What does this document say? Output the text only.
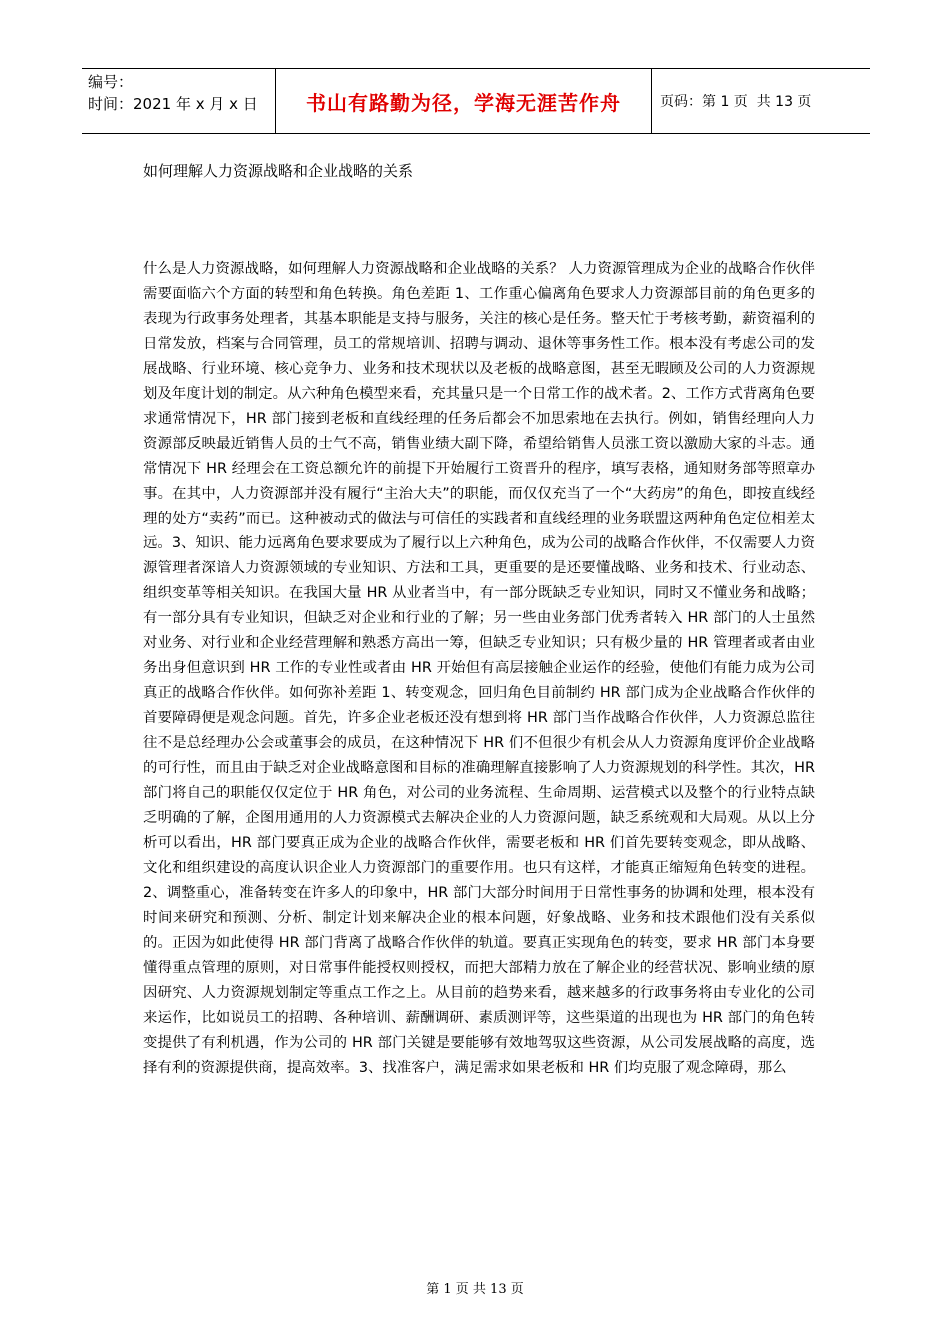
编号：
时间：2021 年 x 月 x 日	书山有路勤为径，学海无涯苦作舟	页码：第 1 页  共 13 页
如何理解人力资源战略和企业战略的关系

什么是人力资源战略，如何理解人力资源战略和企业战略的关系？ 人力资源管理成为企业的战略合作伙伴需要面临六个方面的转型和角色转换。角色差距 1、工作重心偏离角色要求人力资源部目前的角色更多的表现为行政事务处理者，其基本职能是支持与服务，关注的核心是任务。整天忙于考核考勤，薪资福利的日常发放，档案与合同管理，员工的常规培训、招聘与调动、退休等事务性工作。根本没有考虑公司的发展战略、行业环境、核心竞争力、业务和技术现状以及老板的战略意图，甚至无暇顾及公司的人力资源规划及年度计划的制定。从六种角色模型来看，充其量只是一个日常工作的战术者。2、工作方式背离角色要求通常情况下，HR 部门接到老板和直线经理的任务后都会不加思索地在去执行。例如，销售经理向人力资源部反映最近销售人员的士气不高，销售业绩大副下降，希望给销售人员涨工资以激励大家的斗志。通常情况下 HR 经理会在工资总额允许的前提下开始履行工资晋升的程序，填写表格，通知财务部等照章办事。在其中，人力资源部并没有履行“主治大夫”的职能，而仅仅充当了一个“大药房”的角色，即按直线经理的处方“卖药”而已。这种被动式的做法与可信任的实践者和直线经理的业务联盟这两种角色定位相差太远。3、知识、能力远离角色要求要成为了履行以上六种角色，成为公司的战略合作伙伴，不仅需要人力资源管理者深谙人力资源领域的专业知识、方法和工具，更重要的是还要懂战略、业务和技术、行业动态、组织变革等相关知识。在我国大量 HR 从业者当中，有一部分既缺乏专业知识，同时又不懂业务和战略；有一部分具有专业知识，但缺乏对企业和行业的了解；另一些由业务部门优秀者转入 HR 部门的人士虽然对业务、对行业和企业经营理解和熟悉方高出一筹，但缺乏专业知识；只有极少量的 HR 管理者或者由业务出身但意识到 HR 工作的专业性或者由 HR 开始但有高层接触企业运作的经验，使他们有能力成为公司真正的战略合作伙伴。如何弥补差距 1、转变观念，回归角色目前制约 HR 部门成为企业战略合作伙伴的首要障碍便是观念问题。首先，许多企业老板还没有想到将 HR 部门当作战略合作伙伴，人力资源总监往往不是总经理办公会或董事会的成员，在这种情况下 HR 们不但很少有机会从人力资源角度评价企业战略的可行性，而且由于缺乏对企业战略意图和目标的准确理解直接影响了人力资源规划的科学性。其次，HR 部门将自己的职能仅仅定位于 HR 角色，对公司的业务流程、生命周期、运营模式以及整个的行业特点缺乏明确的了解，企图用通用的人力资源模式去解决企业的人力资源问题，缺乏系统观和大局观。从以上分析可以看出，HR 部门要真正成为企业的战略合作伙伴，需要老板和 HR 们首先要转变观念，即从战略、文化和组织建设的高度认识企业人力资源部门的重要作用。也只有这样，才能真正缩短角色转变的进程。2、调整重心，准备转变在许多人的印象中，HR 部门大部分时间用于日常性事务的协调和处理，根本没有时间来研究和预测、分析、制定计划来解决企业的根本问题，好象战略、业务和技术跟他们没有关系似的。正因为如此使得 HR 部门背离了战略合作伙伴的轨道。要真正实现角色的转变，要求 HR 部门本身要懂得重点管理的原则，对日常事件能授权则授权，而把大部精力放在了解企业的经营状况、影响业绩的原因研究、人力资源规划制定等重点工作之上。从目前的趋势来看，越来越多的行政事务将由专业化的公司来运作，比如说员工的招聘、各种培训、薪酬调研、素质测评等，这些渠道的出现也为 HR 部门的角色转变提供了有利机遇，作为公司的 HR 部门关键是要能够有效地驾驭这些资源，从公司发展战略的高度，选择有利的资源提供商，提高效率。3、找准客户，满足需求如果老板和 HR 们均克服了观念障碍，那么

第 1 页 共 13 页
